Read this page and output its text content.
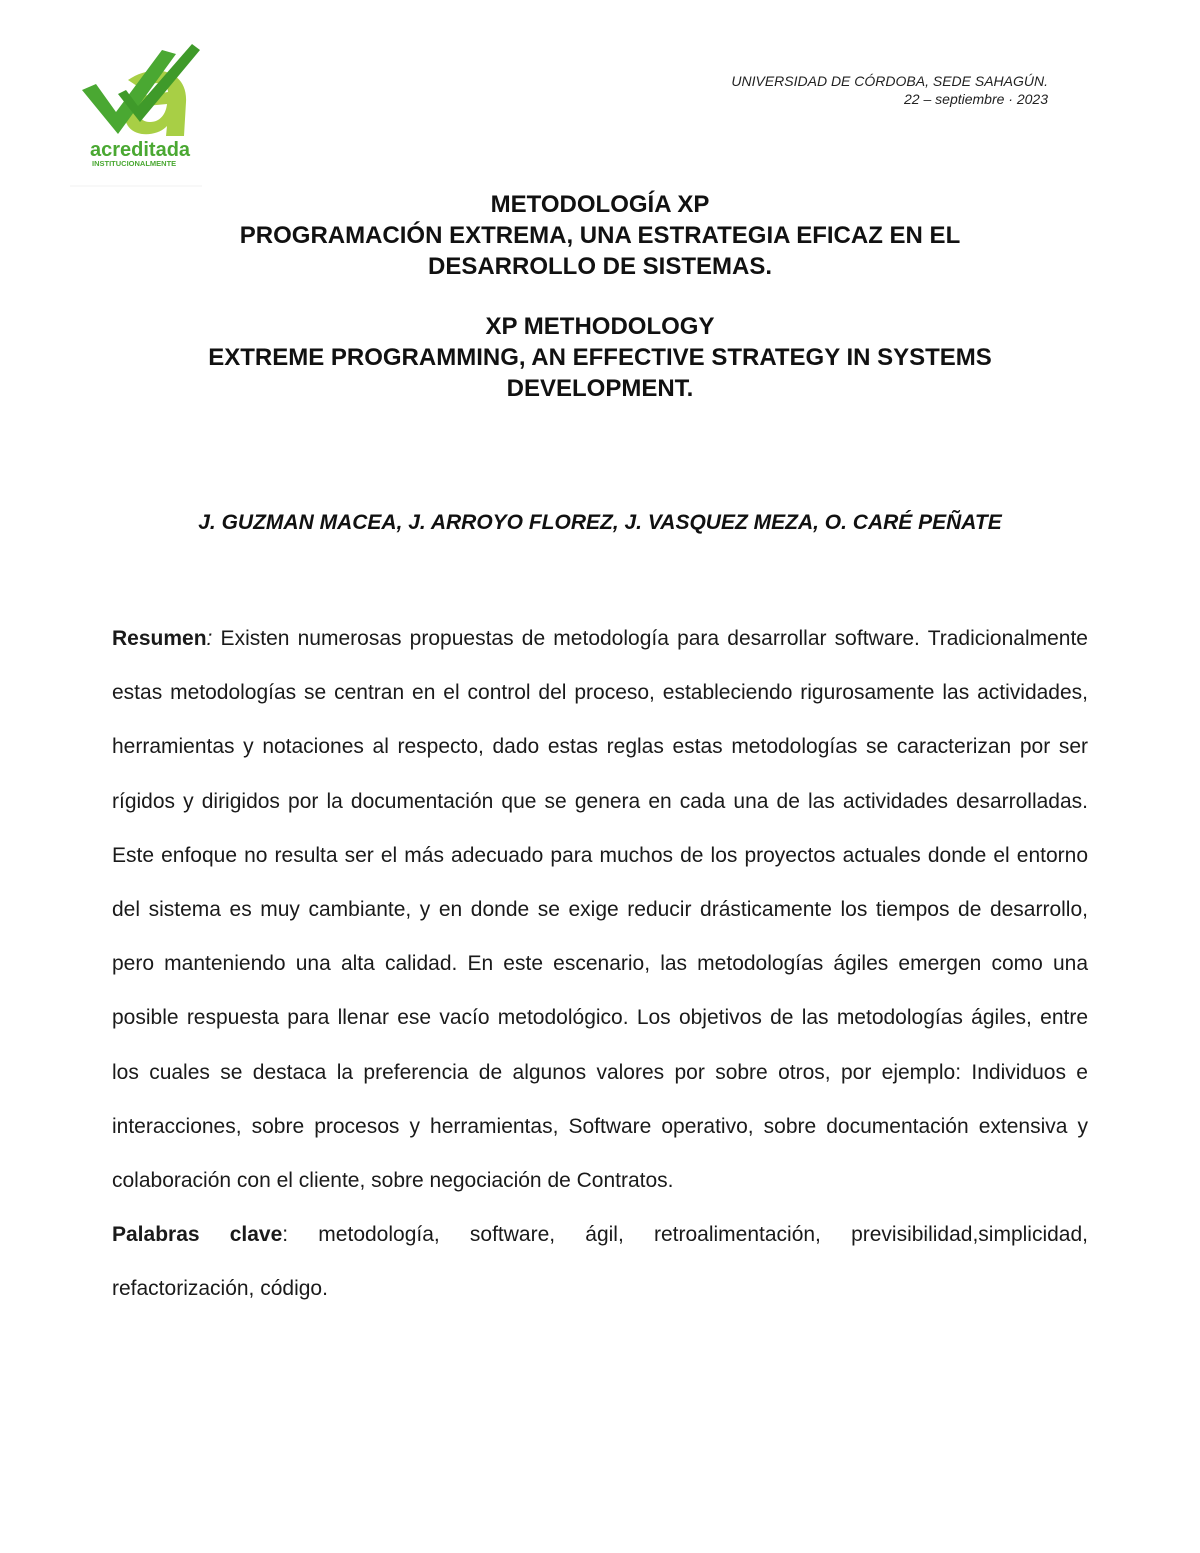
acreditada
INSTITUCIONALMENTE
UNIVERSIDAD DE CÓRDOBA, SEDE SAHAGÚN.
22 – septiembre · 2023
METODOLOGÍA XP
PROGRAMACIÓN EXTREMA, UNA ESTRATEGIA EFICAZ EN EL
DESARROLLO DE SISTEMAS.
XP METHODOLOGY
EXTREME PROGRAMMING, AN EFFECTIVE STRATEGY IN SYSTEMS
DEVELOPMENT.
J. GUZMAN MACEA, J. ARROYO FLOREZ, J. VASQUEZ MEZA, O. CARÉ PEÑATE

Resumen: Existen numerosas propuestas de metodología para desarrollar software. Tradicionalmente estas metodologías se centran en el control del proceso, estableciendo rigurosamente las actividades, herramientas y notaciones al respecto, dado estas reglas estas metodologías se caracterizan por ser rígidos y dirigidos por la documentación que se genera en cada una de las actividades desarrolladas. Este enfoque no resulta ser el más adecuado para muchos de los proyectos actuales donde el entorno del sistema es muy cambiante, y en donde se exige reducir drásticamente los tiempos de desarrollo, pero manteniendo una alta calidad. En este escenario, las metodologías ágiles emergen como una posible respuesta para llenar ese vacío metodológico. Los objetivos de las metodologías ágiles, entre los cuales se destaca la preferencia de algunos valores por sobre otros, por ejemplo: Individuos e interacciones, sobre procesos y herramientas, Software operativo, sobre documentación extensiva y colaboración con el cliente, sobre negociación de Contratos.

Palabras clave: metodología, software, ágil, retroalimentación, previsibilidad,simplicidad, refactorización, código.
